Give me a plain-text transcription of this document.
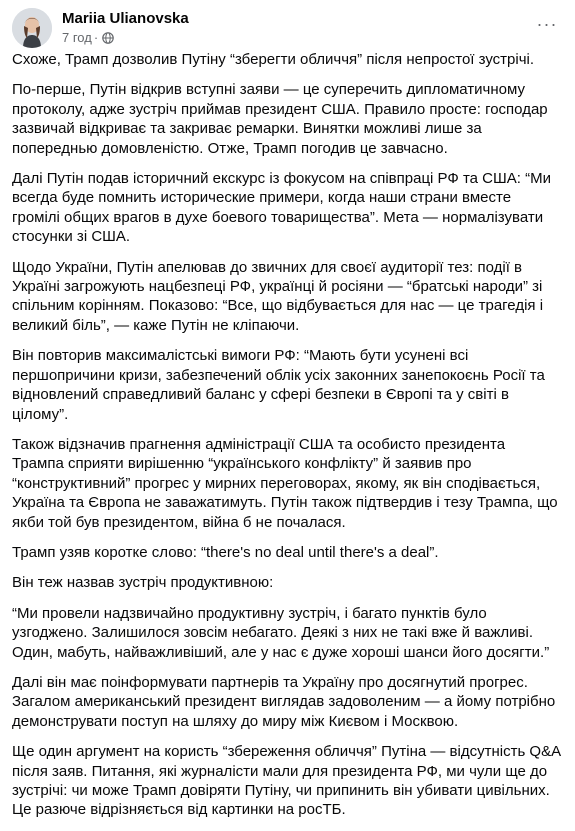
Mariia Ulianovska
7 год ·
···

Схоже, Трамп дозволив Путіну “зберегти обличчя” після непростої зустрічі.

По-перше, Путін відкрив вступні заяви — це суперечить дипломатичному протоколу, адже зустріч приймав президент США. Правило просте: господар зазвичай відкриває та закриває ремарки. Винятки можливі лише за попереднью домовленістю. Отже, Трамп погодив це завчасно.

Далі Путін подав історичний екскурс із фокусом на співпраці РФ та США: “Ми всегда буде помнить исторические примери, когда наши страни вместе громілі общих врагов в духе боевого товарищества”. Мета — нормалізувати стосунки зі США.

Щодо України, Путін апелював до звичних для своєї аудиторії тез: події в Україні загрожують нацбезпеці РФ, українці й росіяни — “братські народи” зі спільним корінням. Показово: “Все, що відбувається для нас — це трагедія і великий біль”, — каже Путін не кліпаючи.

Він повторив максималістські вимоги РФ: “Мають бути усунені всі першопричини кризи, забезпечений облік усіх законних занепокоєнь Росії та відновлений справедливий баланс у сфері безпеки в Європі та у світі в цілому”.

Також відзначив прагнення адміністрації США та особисто президента Трампа сприяти вирішенню “українського конфлікту” й заявив про “конструктивний” прогрес у мирних переговорах, якому, як він сподівається, Україна та Європа не заважатимуть. Путін також підтвердив і тезу Трампа, що якби той був президентом, війна б не почалася.

Трамп узяв коротке слово: “there's no deal until there's a deal”.

Він теж назвав зустріч продуктивною:

“Ми провели надзвичайно продуктивну зустріч, і багато пунктів було узгоджено. Залишилося зовсім небагато. Деякі з них не такі вже й важливі. Один, мабуть, найважливіший, але у нас є дуже хороші шанси його досягти.”

Далі він має поінформувати партнерів та Україну про досягнутий прогрес. Загалом американський президент виглядав задоволеним — а йому потрібно демонструвати поступ на шляху до миру між Києвом і Москвою.

Ще один аргумент на користь “збереження обличчя” Путіна — відсутність Q&A після заяв. Питання, які журналісти мали для президента РФ, ми чули ще до зустрічі: чи може Трамп довіряти Путіну, чи припинить він убивати цивільних. Це разюче відрізняється від картинки на росТБ.
